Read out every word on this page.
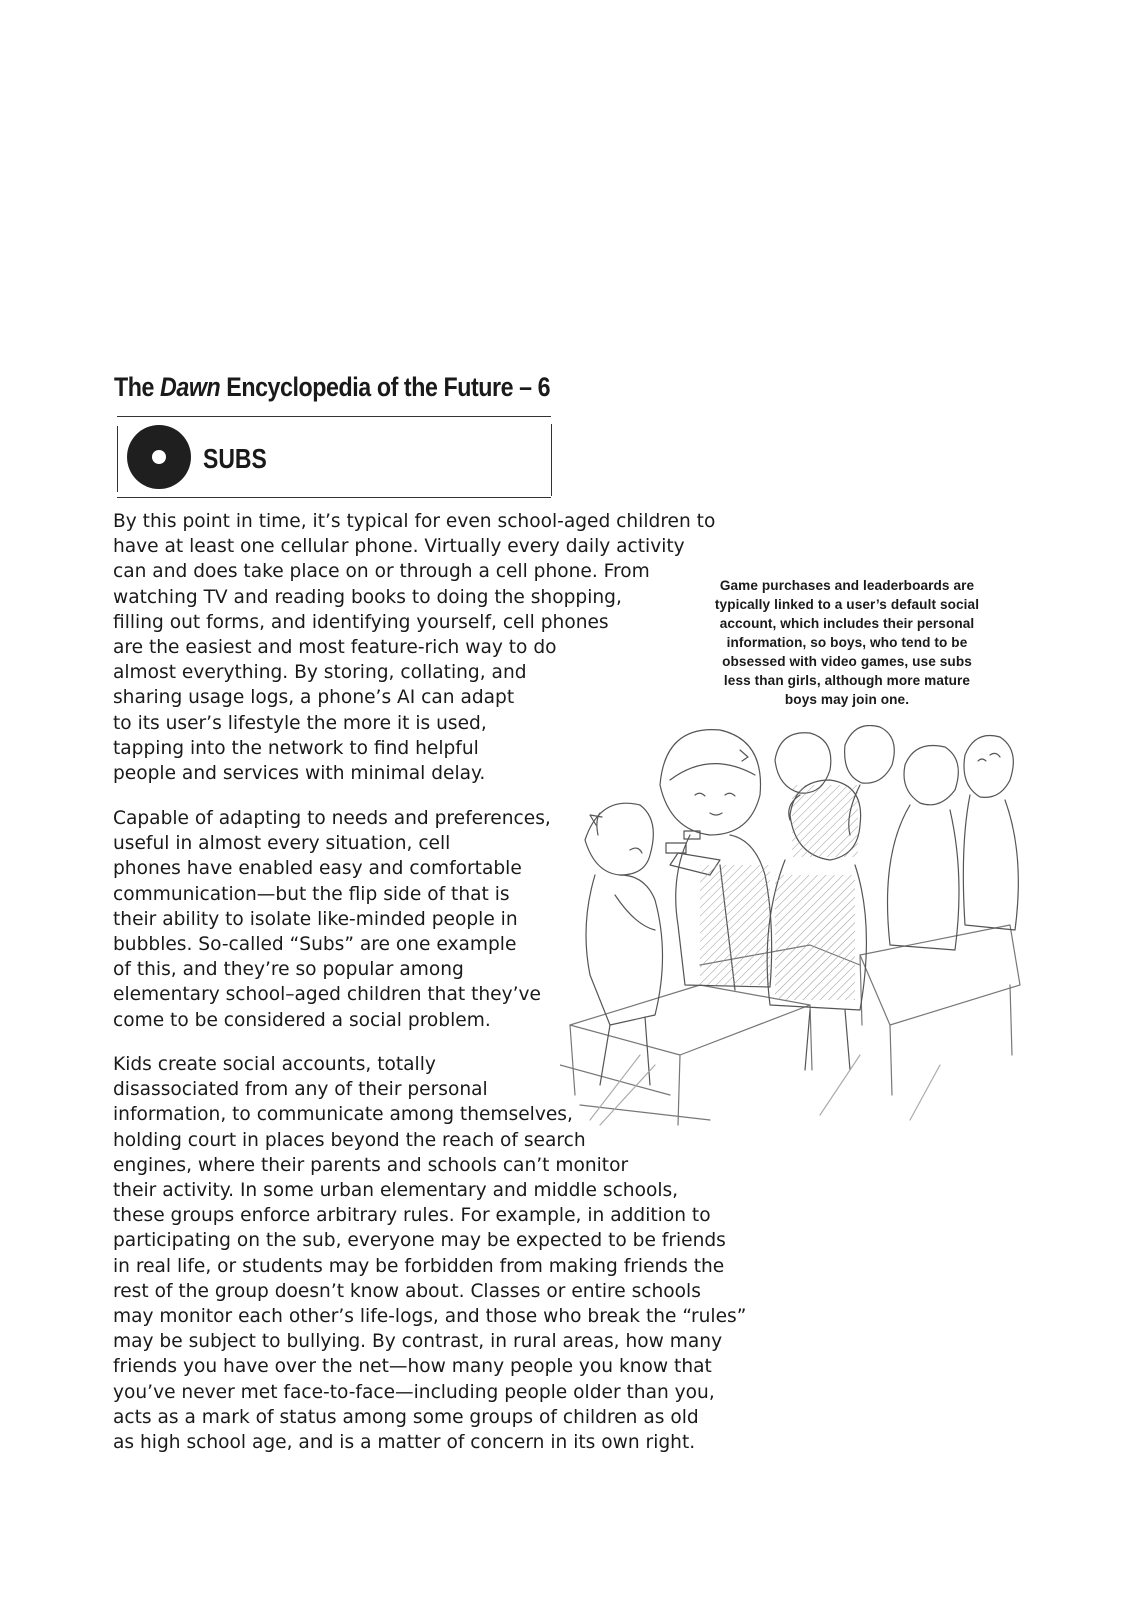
The Dawn Encyclopedia of the Future – 6
SUBS
By this point in time, it’s typical for even school-aged children to
have at least one cellular phone. Virtually every daily activity
can and does take place on or through a cell phone. From
watching TV and reading books to doing the shopping,
filling out forms, and identifying yourself, cell phones
are the easiest and most feature-rich way to do
almost everything. By storing, collating, and
sharing usage logs, a phone’s AI can adapt
to its user’s lifestyle the more it is used,
tapping into the network to find helpful
people and services with minimal delay.
Capable of adapting to needs and preferences,
useful in almost every situation, cell
phones have enabled easy and comfortable
communication—but the flip side of that is
their ability to isolate like-minded people in
bubbles. So-called “Subs” are one example
of this, and they’re so popular among
elementary school–aged children that they’ve
come to be considered a social problem.
Kids create social accounts, totally
disassociated from any of their personal
information, to communicate among themselves,
holding court in places beyond the reach of search
engines, where their parents and schools can’t monitor
their activity. In some urban elementary and middle schools,
these groups enforce arbitrary rules. For example, in addition to
participating on the sub, everyone may be expected to be friends
in real life, or students may be forbidden from making friends the
rest of the group doesn’t know about. Classes or entire schools
may monitor each other’s life-logs, and those who break the “rules”
may be subject to bullying. By contrast, in rural areas, how many
friends you have over the net—how many people you know that
you’ve never met face-to-face—including people older than you,
acts as a mark of status among some groups of children as old
as high school age, and is a matter of concern in its own right.
Game purchases and leaderboards are
typically linked to a user’s default social
account, which includes their personal
information, so boys, who tend to be
obsessed with video games, use subs
less than girls, although more mature
boys may join one.
